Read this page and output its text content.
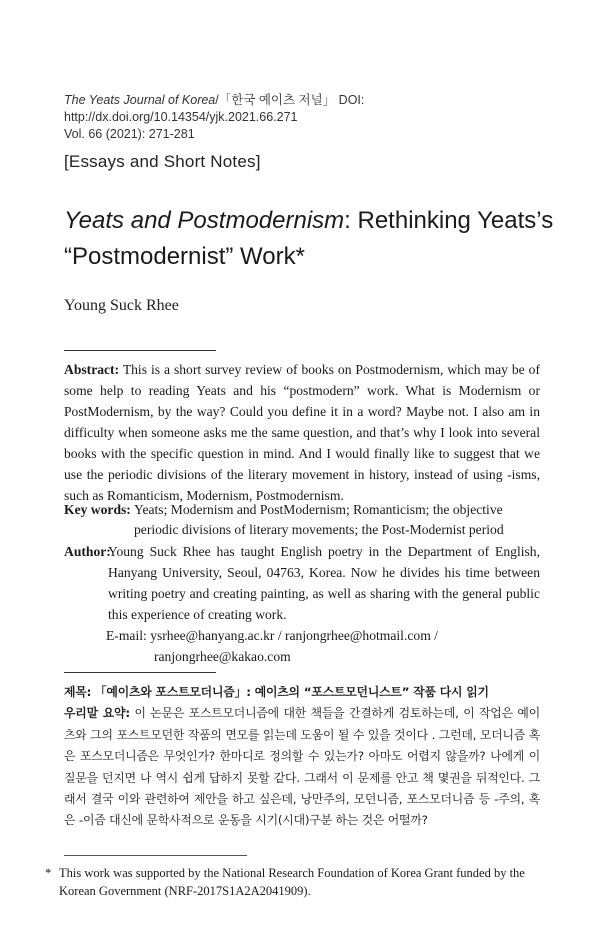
The Yeats Journal of Korea/「한국 예이츠 저널」 DOI: http://dx.doi.org/10.14354/yjk.2021.66.271
Vol. 66 (2021): 271-281
[Essays and Short Notes]
Yeats and Postmodernism: Rethinking Yeats’s
“Postmodernist” Work*
Young Suck Rhee
Abstract: This is a short survey review of books on Postmodernism, which may be of some help to reading Yeats and his “postmodern” work. What is Modernism or PostModernism, by the way? Could you define it in a word? Maybe not. I also am in difficulty when someone asks me the same question, and that’s why I look into several books with the specific question in mind. And I would finally like to suggest that we use the periodic divisions of the literary movement in history, instead of using -isms, such as Romanticism, Modernism, Postmodernism.
Key words: Yeats; Modernism and PostModernism; Romanticism; the objective periodic divisions of literary movements; the Post-Modernist period
Author:
Young Suck Rhee has taught English poetry in the Department of English, Hanyang University, Seoul, 04763, Korea. Now he divides his time between writing poetry and creating painting, as well as sharing with the general public this experience of creating work.
E-mail: ysrhee@hanyang.ac.kr / ranjongrhee@hotmail.com /
ranjongrhee@kakao.com
제목: 「예이츠와 포스트모더니즘」: 예이츠의 “포스트모던니스트” 작품 다시 읽기
우리말 요약: 이 논문은 포스트모더니즘에 대한 책들을 간결하게 검토하는데, 이 작업은 예이츠와 그의 포스트모던한 작품의 면모를 읽는데 도움이 될 수 있을 것이다 . 그런데, 모더니즘 혹은 포스모더니즘은 무엇인가? 한마디로 정의할 수 있는가? 아마도 어렵지 않을까? 나에게 이 질문을 던지면 나 역시 쉽게 답하지 못할 같다. 그래서 이 문제를 안고 책 몇권을 뒤적인다. 그래서 결국 이와 관련하여 제안을 하고 싶은데, 낭만주의, 모던니즘, 포스모더니즘 등 -주의, 혹은 -이즘 대신에 문학사적으로 운동을 시기(시대)구분 하는 것은 어떨까?
* This work was supported by the National Research Foundation of Korea Grant funded by the
Korean Government (NRF-2017S1A2A2041909).
